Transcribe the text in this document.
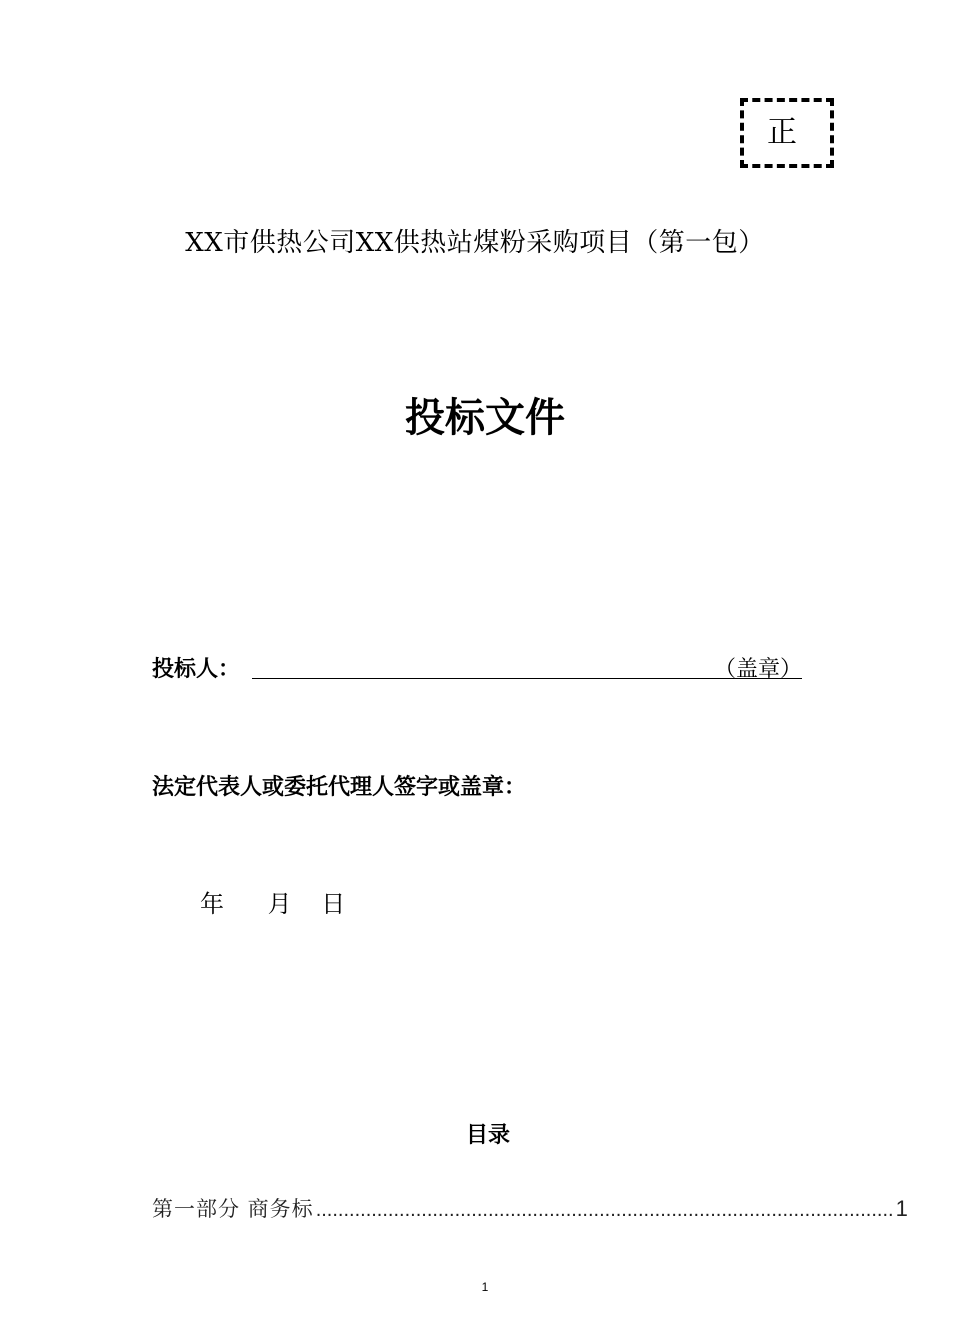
正
XX市供热公司XX供热站煤粉采购项目（第一包）
投标文件
投标人：	（盖章）
法定代表人或委托代理人签字或盖章：
年 月 日
目录
第一部分 商务标 ........................................................................................................ 1
1
